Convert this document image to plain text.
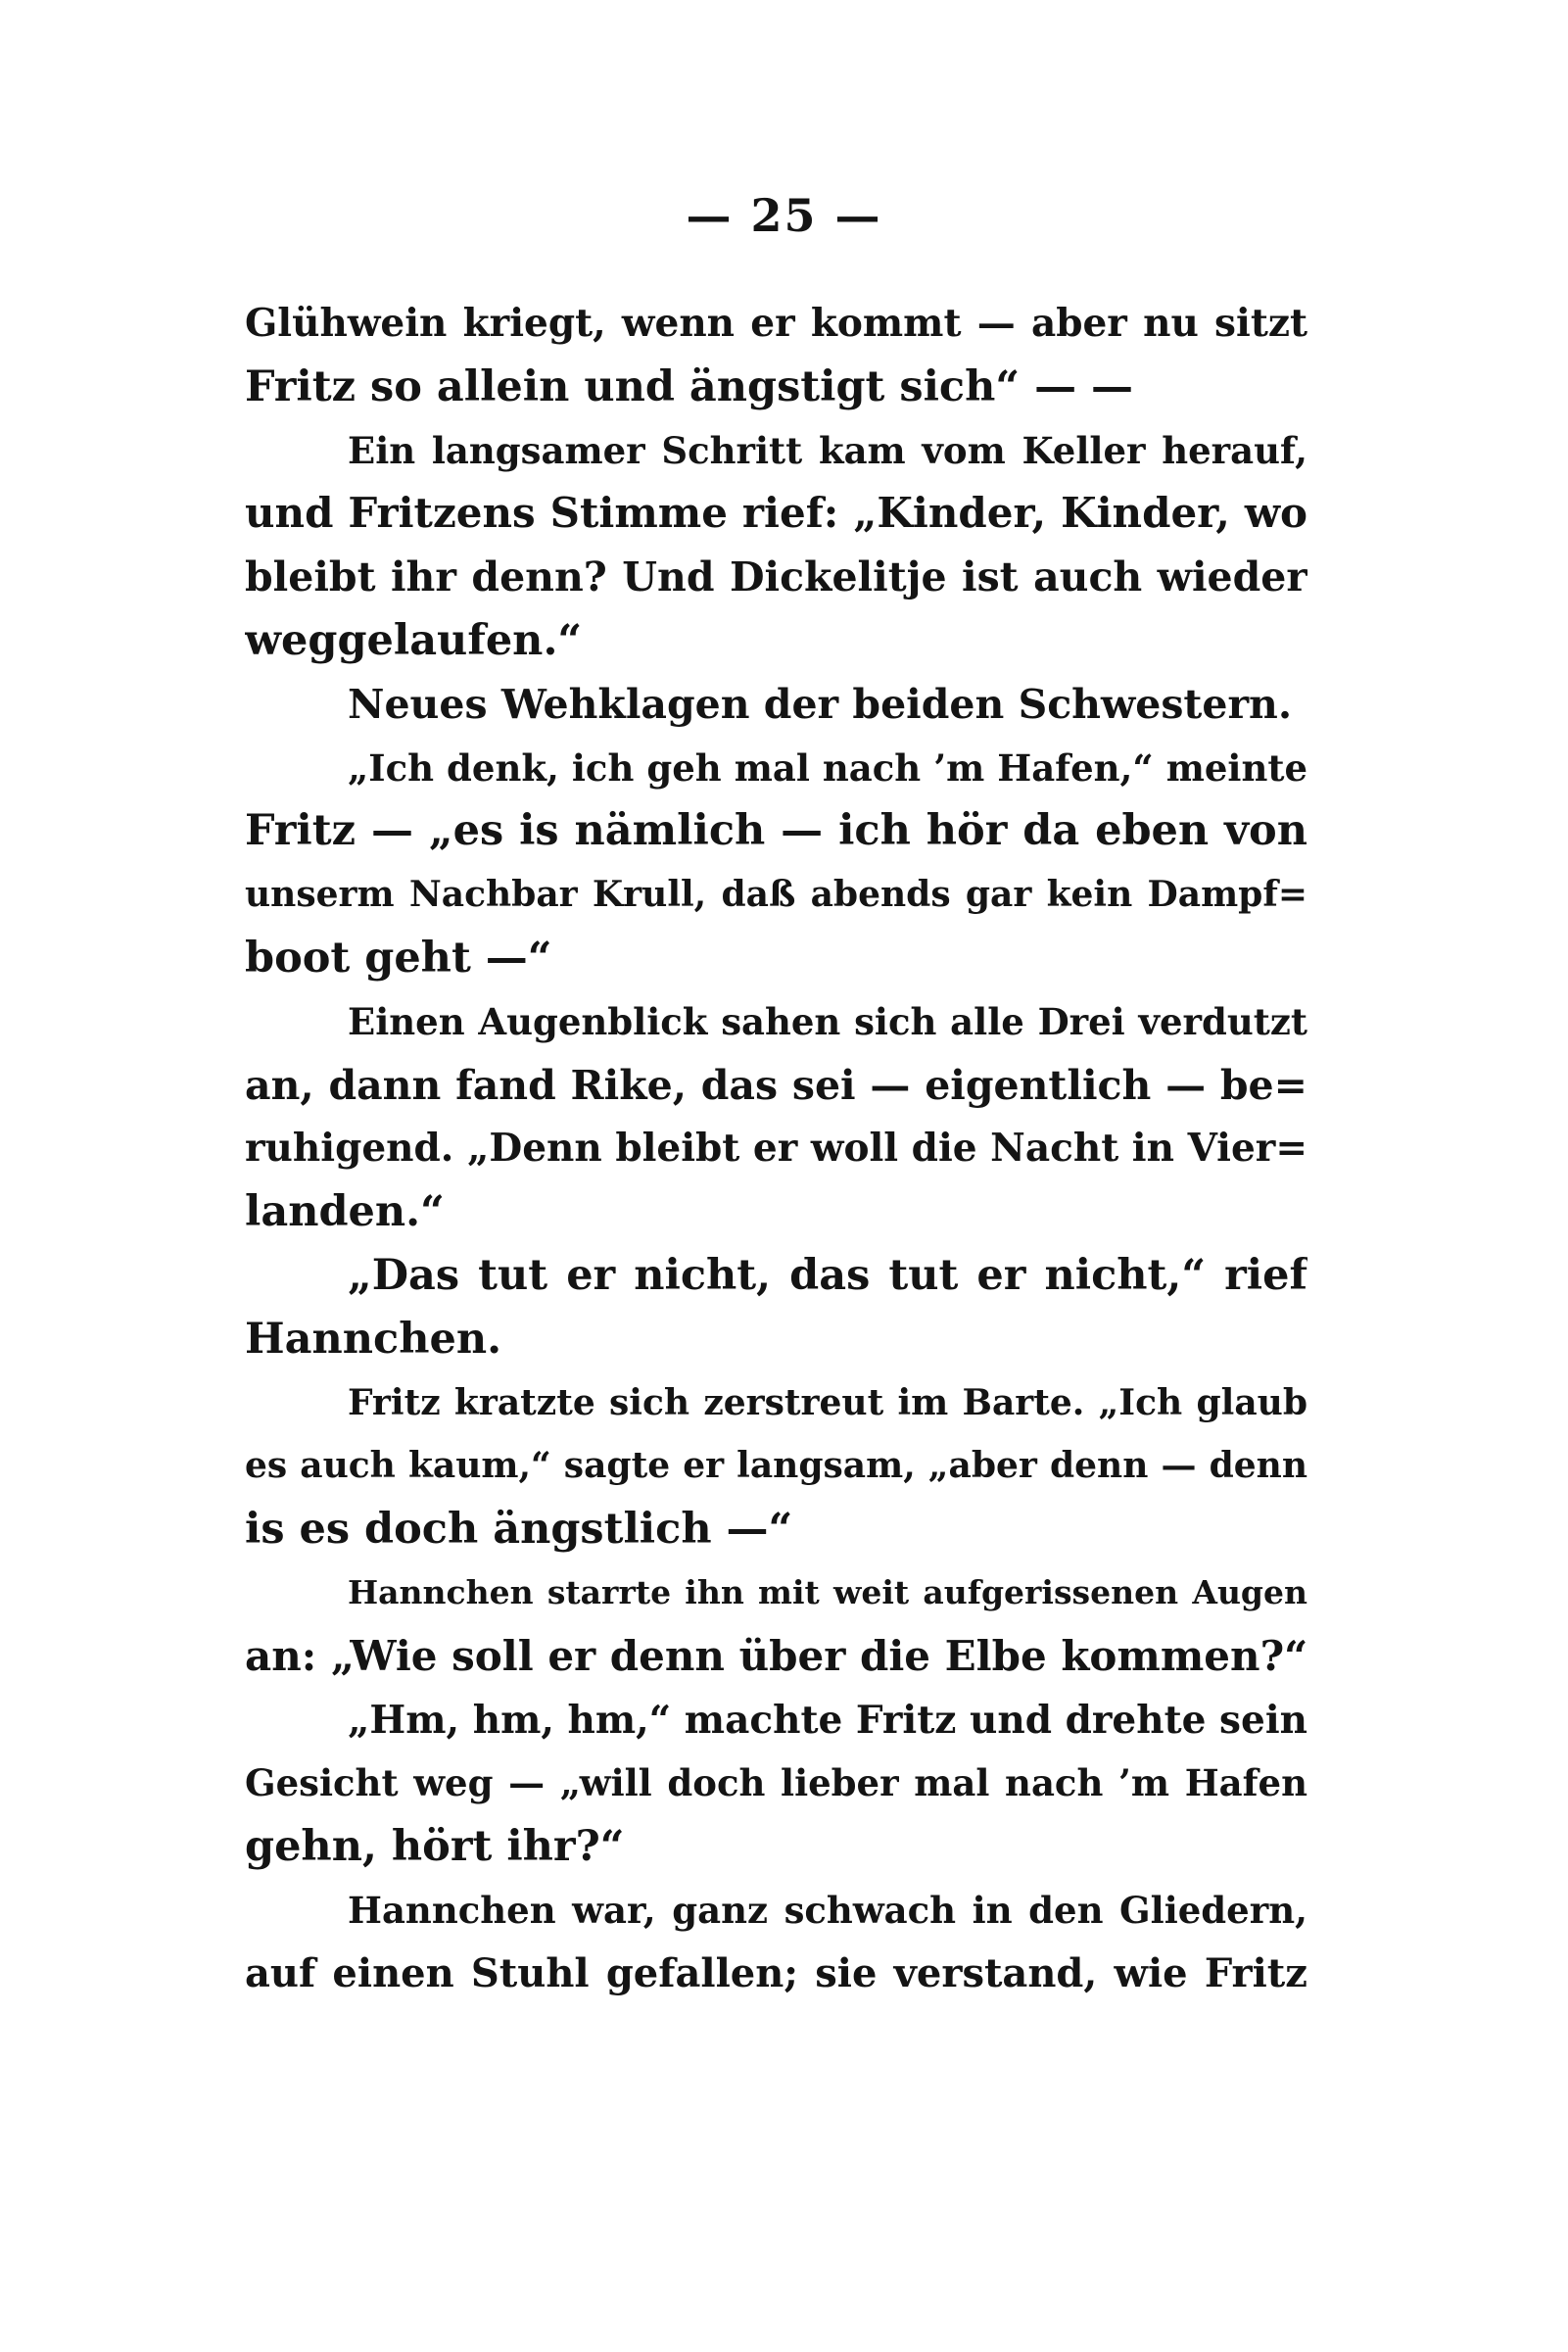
— 25 —
Glühwein kriegt, wenn er kommt — aber nu sitzt
Fritz so allein und ängstigt sich“ — —
Ein langsamer Schritt kam vom Keller herauf,
und Fritzens Stimme rief: „Kinder, Kinder, wo
bleibt ihr denn? Und Dickelitje ist auch wieder
weggelaufen.“
Neues Wehklagen der beiden Schwestern.
„Ich denk, ich geh mal nach ’m Hafen,“ meinte
Fritz — „es is nämlich — ich hör da eben von
unserm Nachbar Krull, daß abends gar kein Dampf=
boot geht —“
Einen Augenblick sahen sich alle Drei verdutzt
an, dann fand Rike, das sei — eigentlich — be=
ruhigend. „Denn bleibt er woll die Nacht in Vier=
landen.“
„Das tut er nicht, das tut er nicht,“ rief
Hannchen.
Fritz kratzte sich zerstreut im Barte. „Ich glaub
es auch kaum,“ sagte er langsam, „aber denn — denn
is es doch ängstlich —“
Hannchen starrte ihn mit weit aufgerissenen Augen
an: „Wie soll er denn über die Elbe kommen?“
„Hm, hm, hm,“ machte Fritz und drehte sein
Gesicht weg — „will doch lieber mal nach ’m Hafen
gehn, hört ihr?“
Hannchen war, ganz schwach in den Gliedern,
auf einen Stuhl gefallen; sie verstand, wie Fritz
